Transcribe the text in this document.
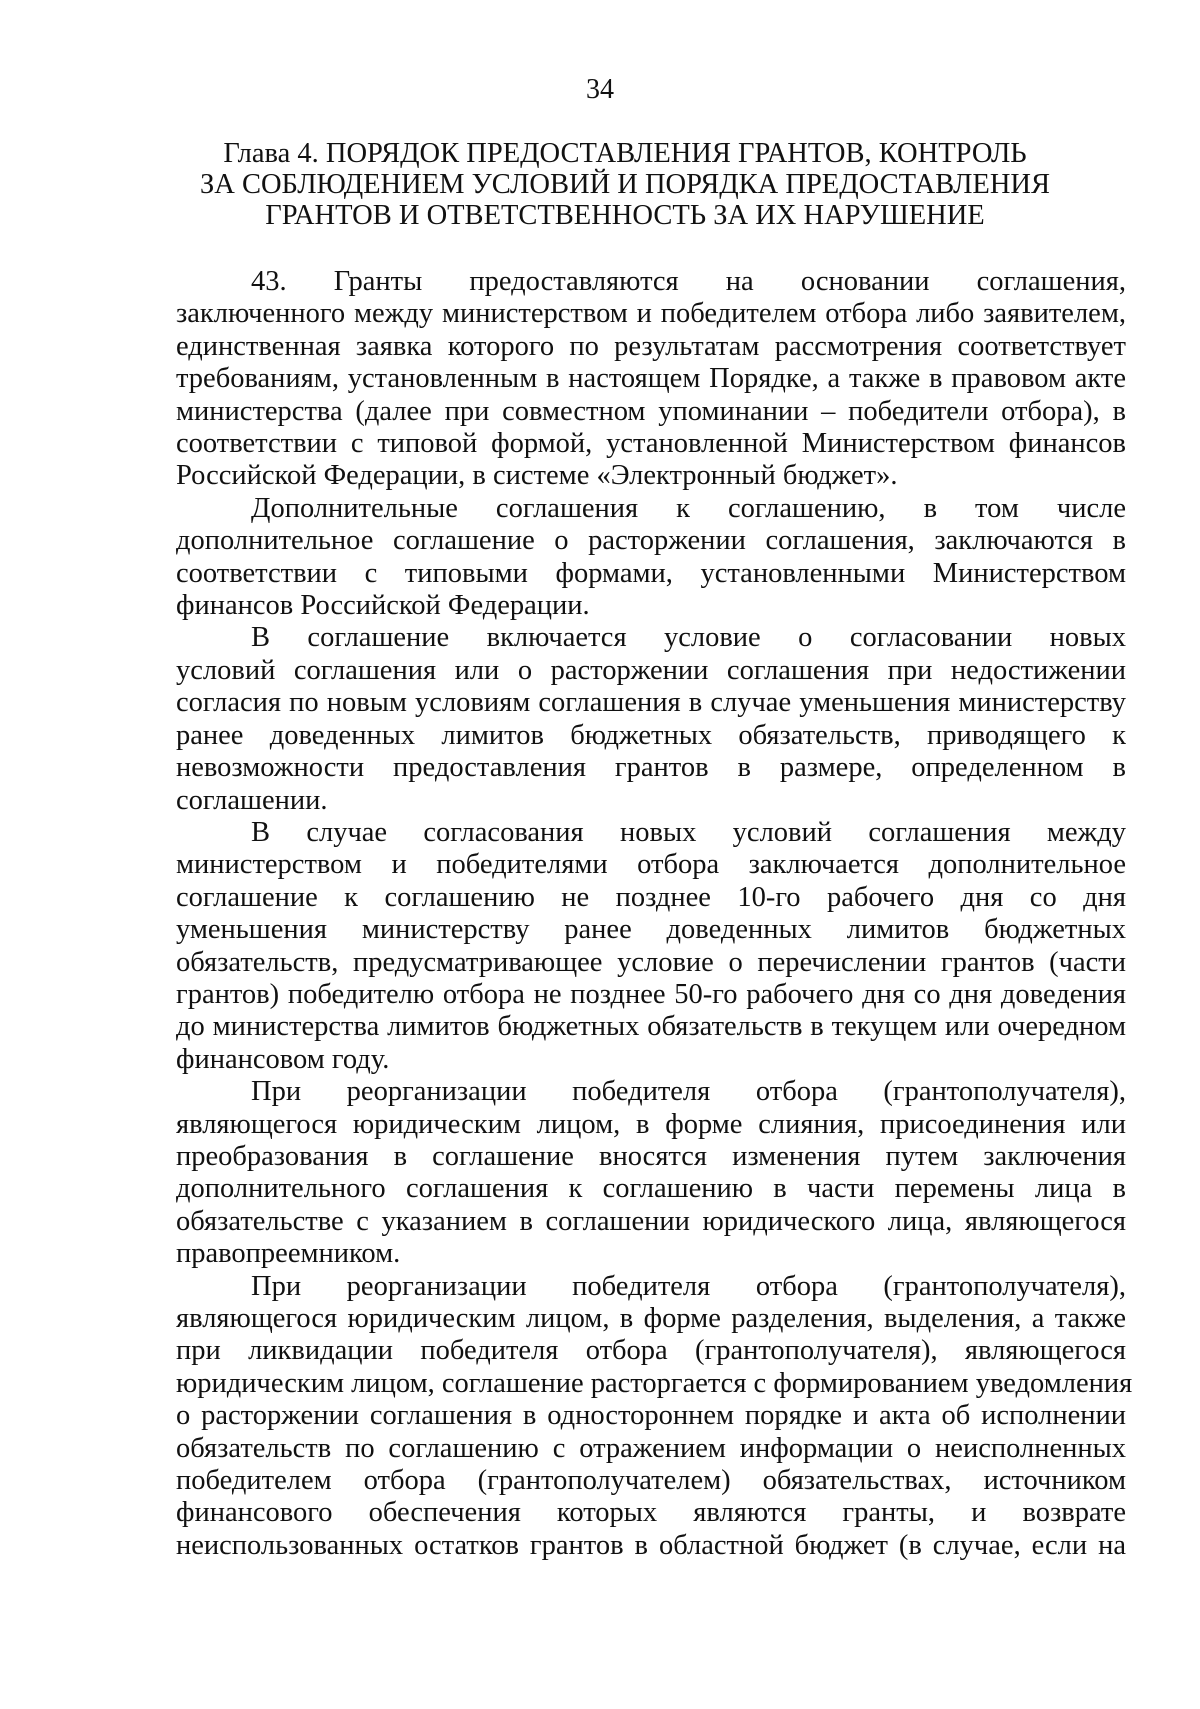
34
Глава 4. ПОРЯДОК ПРЕДОСТАВЛЕНИЯ ГРАНТОВ, КОНТРОЛЬ
ЗА СОБЛЮДЕНИЕМ УСЛОВИЙ И ПОРЯДКА ПРЕДОСТАВЛЕНИЯ
ГРАНТОВ И ОТВЕТСТВЕННОСТЬ ЗА ИХ НАРУШЕНИЕ

43. Гранты предоставляются на основании соглашения,

заключенного между министерством и победителем отбора либо заявителем,

единственная заявка которого по результатам рассмотрения соответствует

требованиям, установленным в настоящем Порядке, а также в правовом акте

министерства (далее при совместном упоминании – победители отбора), в

соответствии с типовой формой, установленной Министерством финансов

Российской Федерации, в системе «Электронный бюджет».

Дополнительные соглашения к соглашению, в том числе

дополнительное соглашение о расторжении соглашения, заключаются в

соответствии с типовыми формами, установленными Министерством

финансов Российской Федерации.

В соглашение включается условие о согласовании новых

условий соглашения или о расторжении соглашения при недостижении

согласия по новым условиям соглашения в случае уменьшения министерству

ранее доведенных лимитов бюджетных обязательств, приводящего к

невозможности предоставления грантов в размере, определенном в

соглашении.

В случае согласования новых условий соглашения между

министерством и победителями отбора заключается дополнительное

соглашение к соглашению не позднее 10-го рабочего дня со дня

уменьшения министерству ранее доведенных лимитов бюджетных

обязательств, предусматривающее условие о перечислении грантов (части

грантов) победителю отбора не позднее 50-го рабочего дня со дня доведения

до министерства лимитов бюджетных обязательств в текущем или очередном

финансовом году.

При реорганизации победителя отбора (грантополучателя),

являющегося юридическим лицом, в форме слияния, присоединения или

преобразования в соглашение вносятся изменения путем заключения

дополнительного соглашения к соглашению в части перемены лица в

обязательстве с указанием в соглашении юридического лица, являющегося

правопреемником.

При реорганизации победителя отбора (грантополучателя),

являющегося юридическим лицом, в форме разделения, выделения, а также

при ликвидации победителя отбора (грантополучателя), являющегося

юридическим лицом, соглашение расторгается с формированием уведомления

о расторжении соглашения в одностороннем порядке и акта об исполнении

обязательств по соглашению с отражением информации о неисполненных

победителем отбора (грантополучателем) обязательствах, источником

финансового обеспечения которых являются гранты, и возврате

неиспользованных остатков грантов в областной бюджет (в случае, если на
